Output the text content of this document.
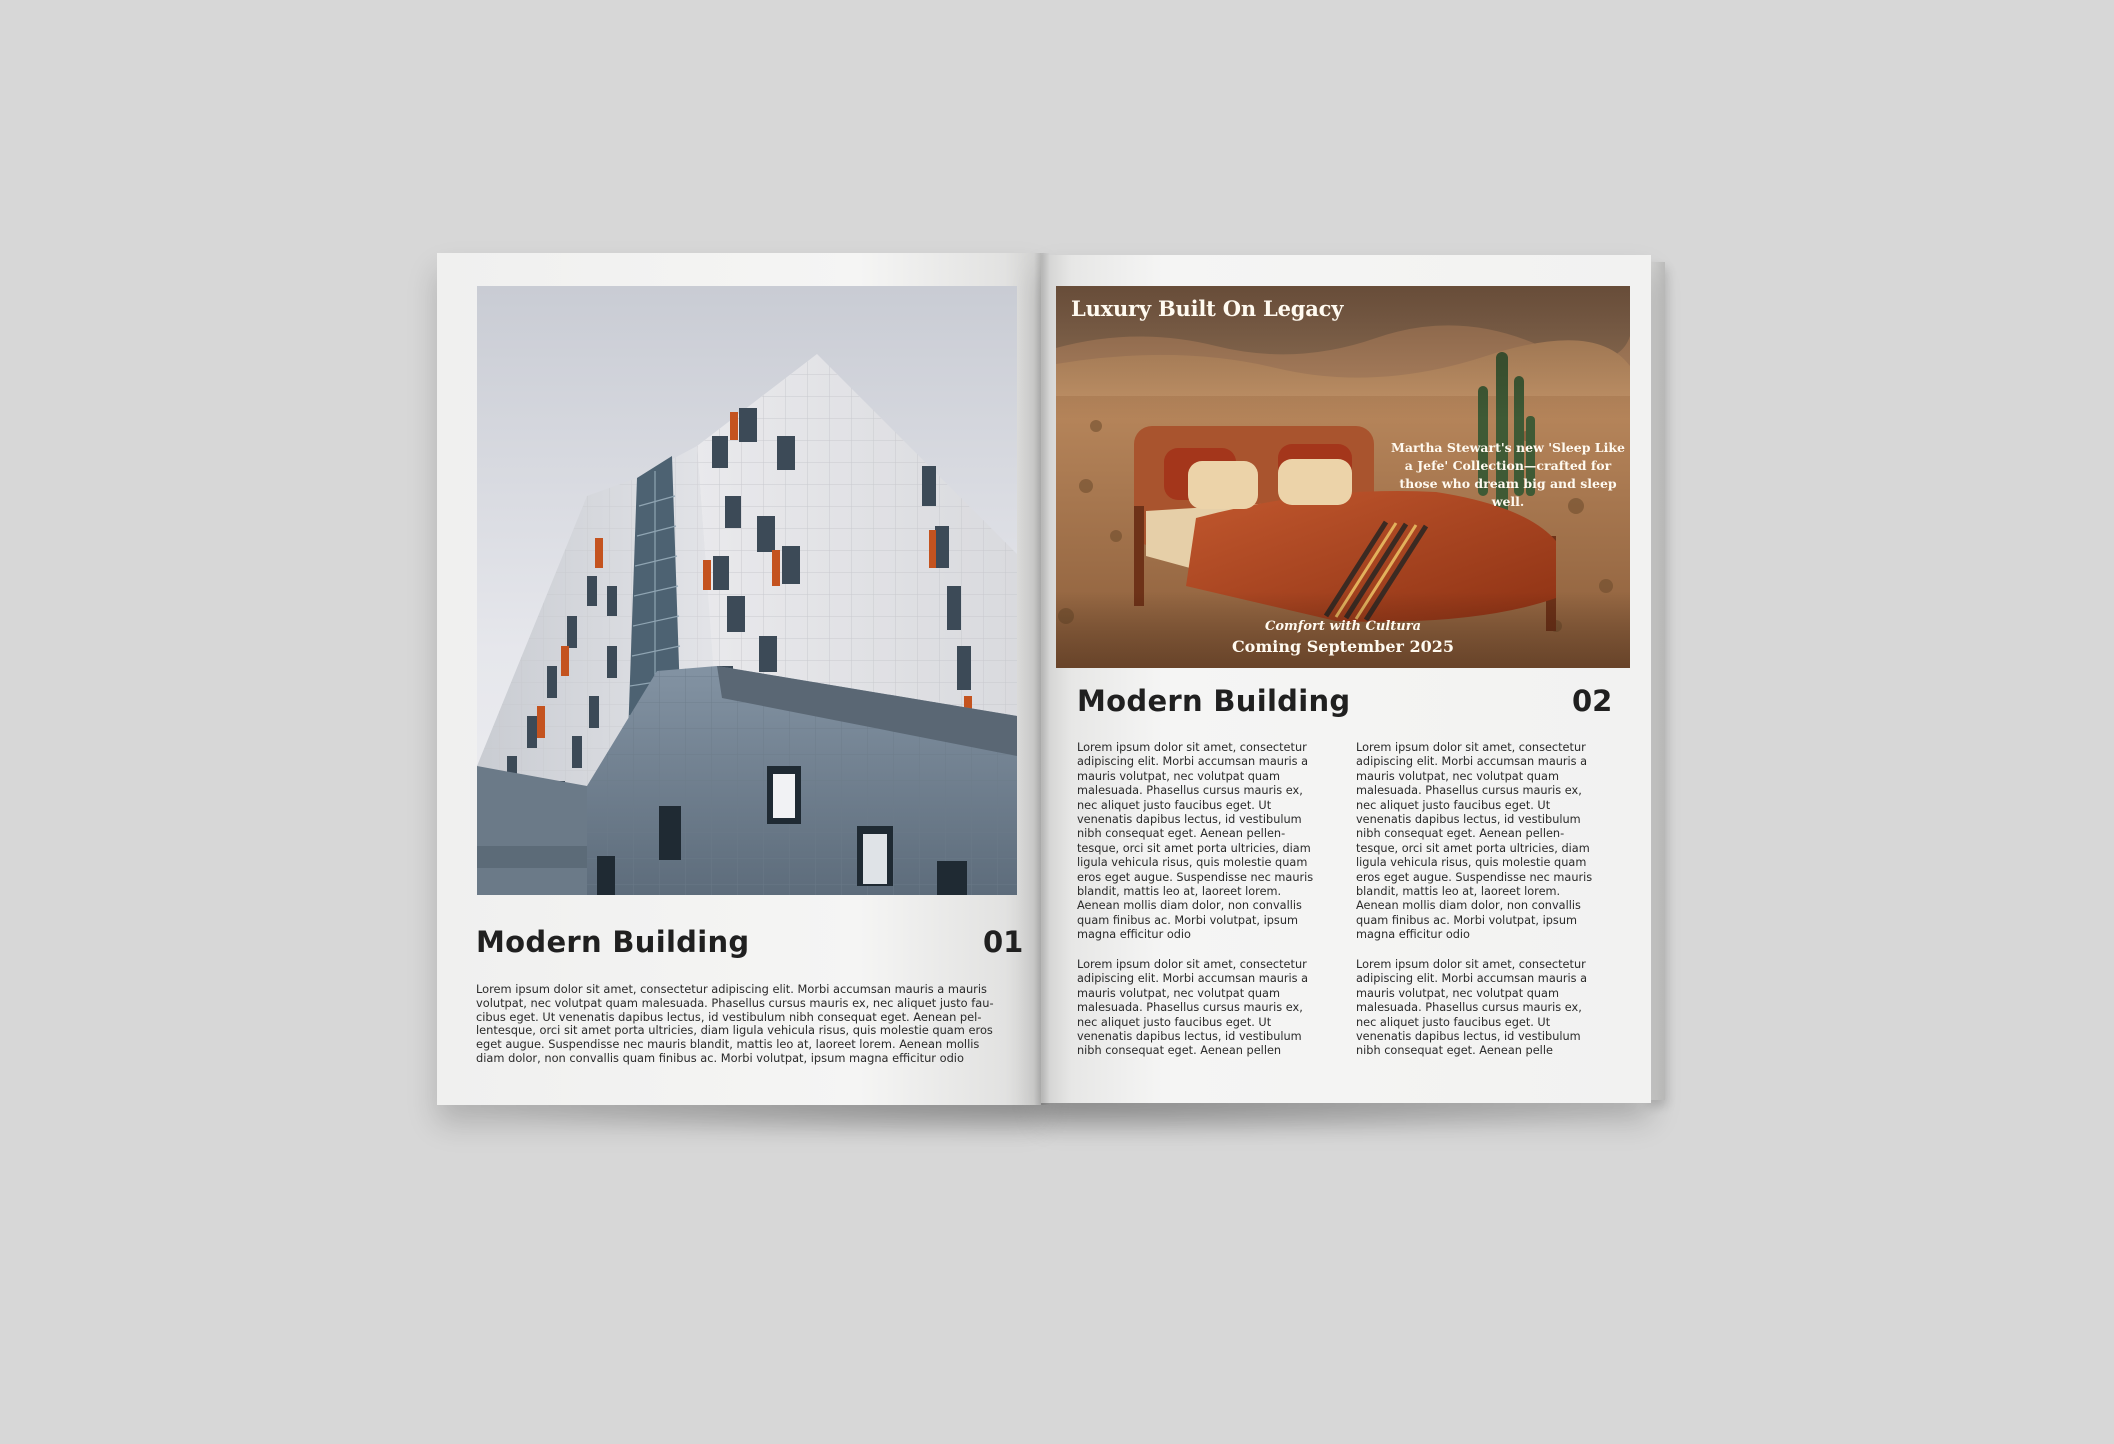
Luxury Built On Legacy
Martha Stewart's new 'Sleep Like a Jefe' Collection—crafted for those who dream big and sleep well.
Comfort with Cultura
Coming September 2025
Modern Building	01

Lorem ipsum dolor sit amet, consectetur adipiscing elit. Morbi accumsan mauris a mauris
volutpat, nec volutpat quam malesuada. Phasellus cursus mauris ex, nec aliquet justo fau-
cibus eget. Ut venenatis dapibus lectus, id vestibulum nibh consequat eget. Aenean pel-
lentesque, orci sit amet porta ultricies, diam ligula vehicula risus, quis molestie quam eros
eget augue. Suspendisse nec mauris blandit, mattis leo at, laoreet lorem. Aenean mollis
diam dolor, non convallis quam finibus ac. Morbi volutpat, ipsum magna efficitur odio

Modern Building	02

Lorem ipsum dolor sit amet, consectetur
adipiscing elit. Morbi accumsan mauris a
mauris volutpat, nec volutpat quam
malesuada. Phasellus cursus mauris ex,
nec aliquet justo faucibus eget. Ut
venenatis dapibus lectus, id vestibulum
nibh consequat eget. Aenean pellen-
tesque, orci sit amet porta ultricies, diam
ligula vehicula risus, quis molestie quam
eros eget augue. Suspendisse nec mauris
blandit, mattis leo at, laoreet lorem.
Aenean mollis diam dolor, non convallis
quam finibus ac. Morbi volutpat, ipsum
magna efficitur odio

Lorem ipsum dolor sit amet, consectetur
adipiscing elit. Morbi accumsan mauris a
mauris volutpat, nec volutpat quam
malesuada. Phasellus cursus mauris ex,
nec aliquet justo faucibus eget. Ut
venenatis dapibus lectus, id vestibulum
nibh consequat eget. Aenean pellen

Lorem ipsum dolor sit amet, consectetur
adipiscing elit. Morbi accumsan mauris a
mauris volutpat, nec volutpat quam
malesuada. Phasellus cursus mauris ex,
nec aliquet justo faucibus eget. Ut
venenatis dapibus lectus, id vestibulum
nibh consequat eget. Aenean pellen-
tesque, orci sit amet porta ultricies, diam
ligula vehicula risus, quis molestie quam
eros eget augue. Suspendisse nec mauris
blandit, mattis leo at, laoreet lorem.
Aenean mollis diam dolor, non convallis
quam finibus ac. Morbi volutpat, ipsum
magna efficitur odio

Lorem ipsum dolor sit amet, consectetur
adipiscing elit. Morbi accumsan mauris a
mauris volutpat, nec volutpat quam
malesuada. Phasellus cursus mauris ex,
nec aliquet justo faucibus eget. Ut
venenatis dapibus lectus, id vestibulum
nibh consequat eget. Aenean pelle
